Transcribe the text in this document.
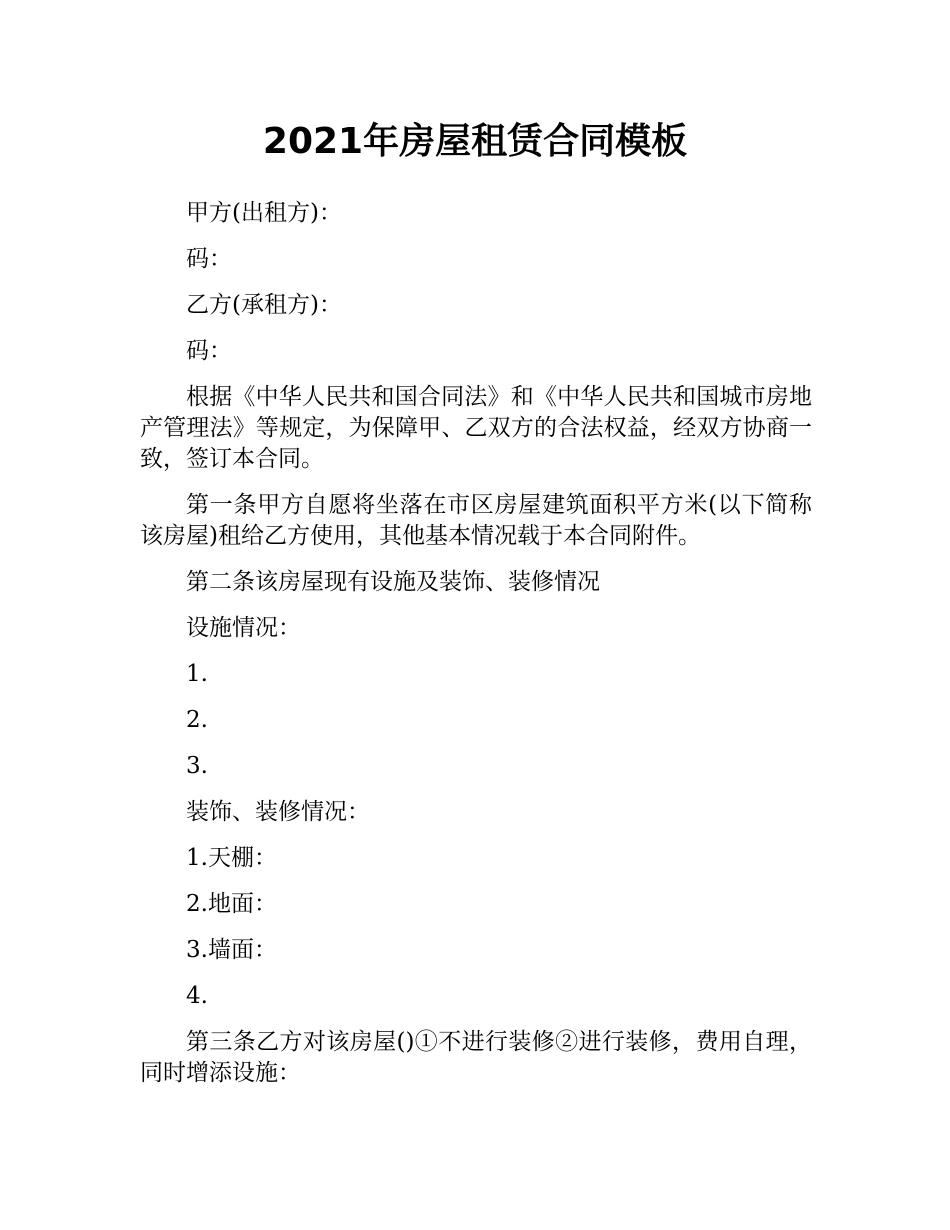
2021年房屋租赁合同模板

甲方(出租方)：

码：

乙方(承租方)：

码：

根据《中华人民共和国合同法》和《中华人民共和国城市房地产管理法》等规定，为保障甲、乙双方的合法权益，经双方协商一致，签订本合同。

第一条甲方自愿将坐落在市区房屋建筑面积平方米(以下简称该房屋)租给乙方使用，其他基本情况载于本合同附件。

第二条该房屋现有设施及装饰、装修情况

设施情况：

1.

2.

3.

装饰、装修情况：

1.天棚：

2.地面：

3.墙面：

4.

第三条乙方对该房屋()①不进行装修②进行装修，费用自理，同时增添设施：
